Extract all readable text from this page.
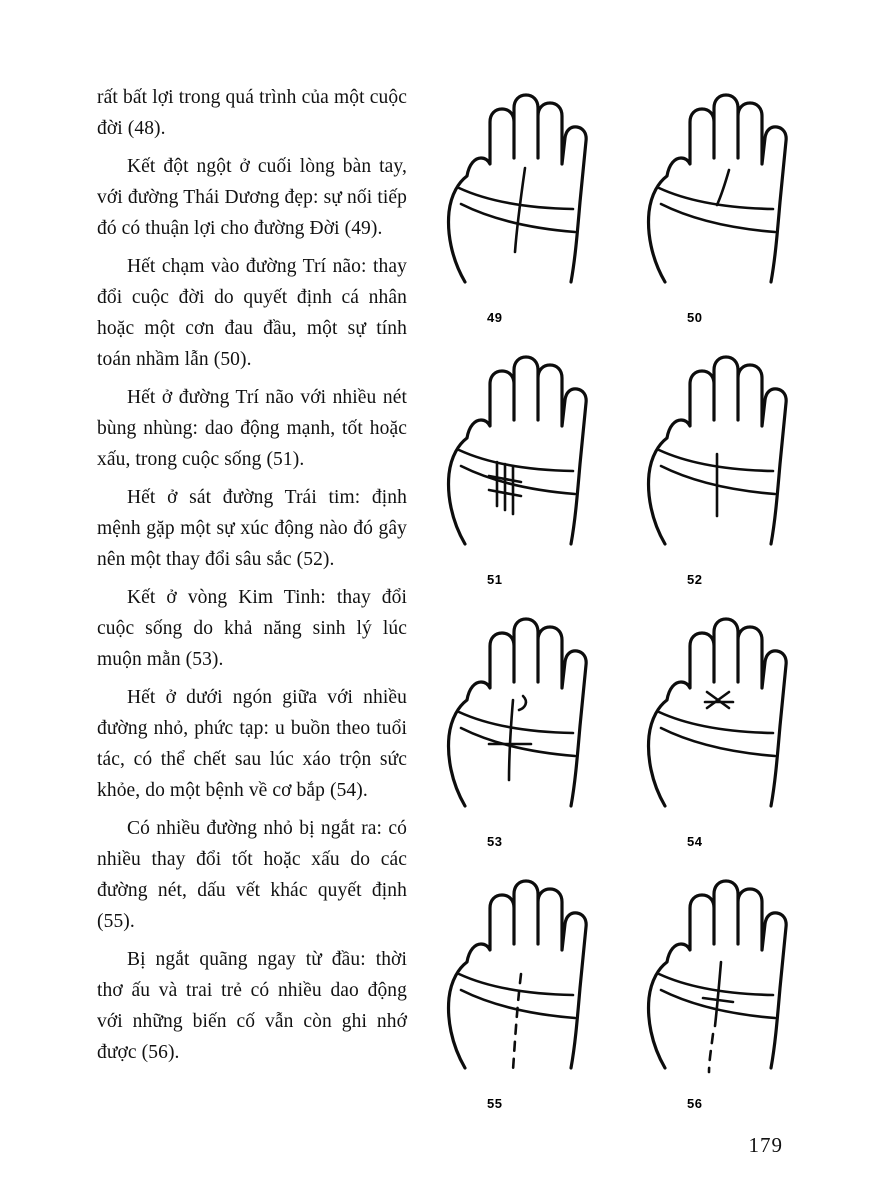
rất bất lợi trong quá trình của một cuộc đời (48).

Kết đột ngột ở cuối lòng bàn tay, với đường Thái Dương đẹp: sự nối tiếp đó có thuận lợi cho đường Đời (49).

Hết chạm vào đường Trí não: thay đổi cuộc đời do quyết định cá nhân hoặc một cơn đau đầu, một sự tính toán nhầm lẫn (50).

Hết ở đường Trí não với nhiều nét bùng nhùng: dao động mạnh, tốt hoặc xấu, trong cuộc sống (51).

Hết ở sát đường Trái tim: định mệnh gặp một sự xúc động nào đó gây nên một thay đổi sâu sắc (52).

Kết ở vòng Kim Tinh: thay đổi cuộc sống do khả năng sinh lý lúc muộn mằn (53).

Hết ở dưới ngón giữa với nhiều đường nhỏ, phức tạp: u buồn theo tuổi tác, có thể chết sau lúc xáo trộn sức khỏe, do một bệnh về cơ bắp (54).

Có nhiều đường nhỏ bị ngắt ra: có nhiều thay đổi tốt hoặc xấu do các đường nét, dấu vết khác quyết định (55).

Bị ngắt quãng ngay từ đầu: thời thơ ấu và trai trẻ có nhiều dao động với những biến cố vẫn còn ghi nhớ được (56).

49	50
51	52
53	54
55	56
179
